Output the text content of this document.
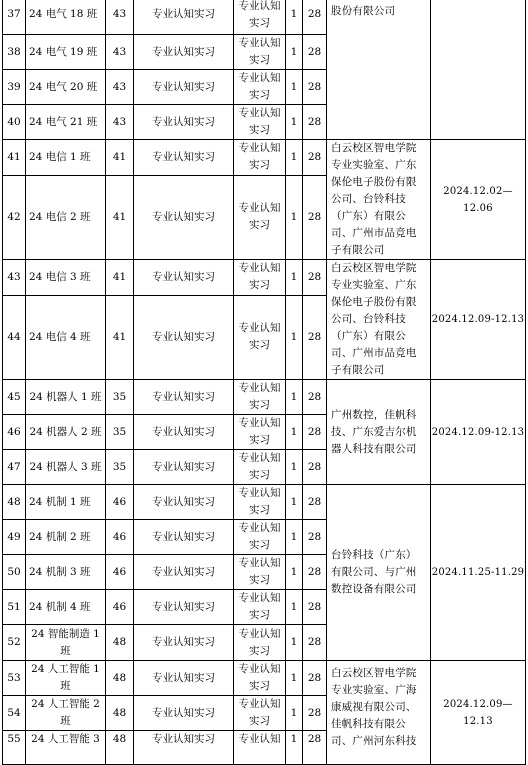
37	24 电气 18 班	43	专业认知实习	专业认知实习	1	28	股份有限公司	

38	24 电气 19 班	43	专业认知实习	专业认知实习	1	28		
39	24 电气 20 班	43	专业认知实习	专业认知实习	1	28		
40	24 电气 21 班	43	专业认知实习	专业认知实习	1	28		
41	24 电信 1 班	41	专业认知实习	专业认知实习	1	28	白云校区智电学院专业实验室、广东保伦电子股份有限公司、台铃科技（广东）有限公司、广州市品竞电子有限公司	2024.12.02—12.06
42	24 电信 2 班	41	专业认知实习	专业认知实习	1	28		
43	24 电信 3 班	41	专业认知实习	专业认知实习	1	28	白云校区智电学院专业实验室、广东保伦电子股份有限公司、台铃科技（广东）有限公司、广州市品竞电子有限公司	2024.12.09-12.13
44	24 电信 4 班	41	专业认知实习	专业认知实习	1	28		
45	24 机器人 1 班	35	专业认知实习	专业认知实习	1	28	广州数控，佳帆科技、广东爱吉尔机器人科技有限公司	2024.12.09-12.13
46	24 机器人 2 班	35	专业认知实习	专业认知实习	1	28		
47	24 机器人 3 班	35	专业认知实习	专业认知实习	1	28		
48	24 机制 1 班	46	专业认知实习	专业认知实习	1	28	台铃科技（广东）有限公司、与广州数控设备有限公司	2024.11.25-11.29
49	24 机制 2 班	46	专业认知实习	专业认知实习	1	28		
50	24 机制 3 班	46	专业认知实习	专业认知实习	1	28		
51	24 机制 4 班	46	专业认知实习	专业认知实习	1	28		
52	24 智能制造 1 班	48	专业认知实习	专业认知实习	1	28		
53	24 人工智能 1 班	48	专业认知实习	专业认知实习	1	28	白云校区智电学院专业实验室、广海康威视有限公司、佳帆科技有限公司、广州河东科技	2024.12.09—12.13
54	24 人工智能 2 班	48	专业认知实习	专业认知实习	1	28		
55	24 人工智能 3	48	专业认知实习	专业认知	1	28		
